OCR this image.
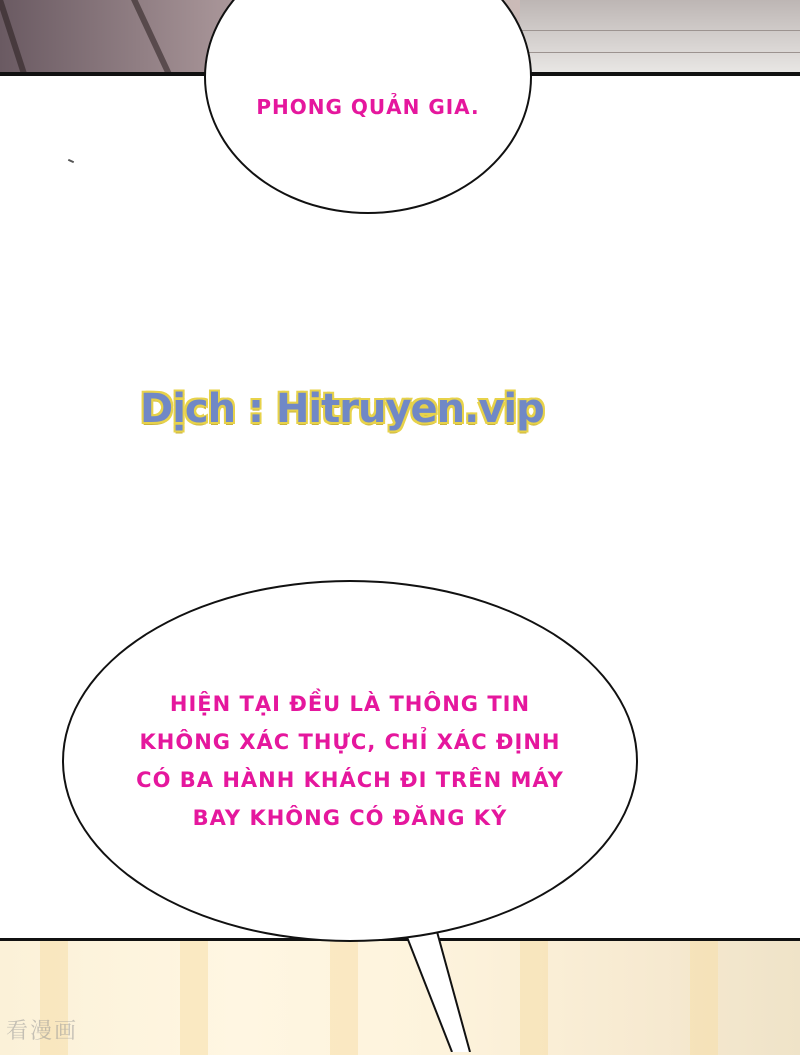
PHONG QUẢN GIA.
Dịch : Hitruyen.vip
HIỆN TẠI ĐỀU LÀ THÔNG TIN
KHÔNG XÁC THỰC, CHỈ XÁC ĐỊNH
CÓ BA HÀNH KHÁCH ĐI TRÊN MÁY
BAY KHÔNG CÓ ĐĂNG KÝ
看漫画
